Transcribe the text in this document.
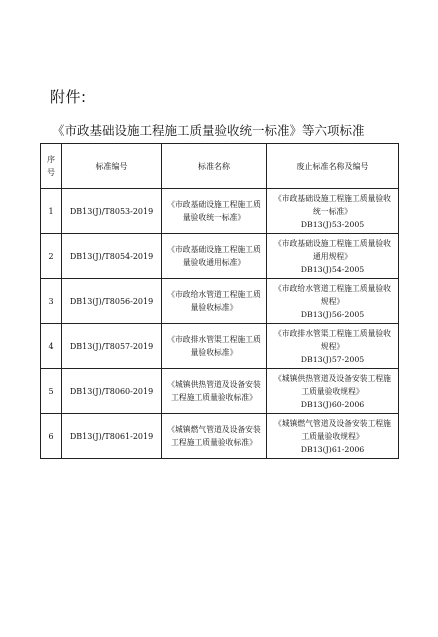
附件:
《市政基础设施工程施工质量验收统一标准》等六项标准
序
号	标准编号	标准名称	废止标准名称及编号
1	DB13(J)/T8053-2019	《市政基础设施工程施工质量验收统一标准》	《市政基础设施工程施工质量验收统一标准》
DB13(J)53-2005

2	DB13(J)/T8054-2019	《市政基础设施工程施工质量验收通用标准》	《市政基础设施工程施工质量验收通用规程》
DB13(J)54-2005

3	DB13(J)/T8056-2019	《市政给水管道工程施工质量验收标准》	《市政给水管道工程施工质量验收规程》
DB13(J)56-2005

4	DB13(J)/T8057-2019	《市政排水管渠工程施工质量验收标准》	《市政排水管渠工程施工质量验收规程》
DB13(J)57-2005

5	DB13(J)/T8060-2019	《城镇供热管道及设备安装工程施工质量验收标准》	《城镇供热管道及设备安装工程施工质量验收规程》
DB13(J)60-2006

6	DB13(J)/T8061-2019	《城镇燃气管道及设备安装工程施工质量验收标准》	《城镇燃气管道及设备安装工程施工质量验收规程》
DB13(J)61-2006
